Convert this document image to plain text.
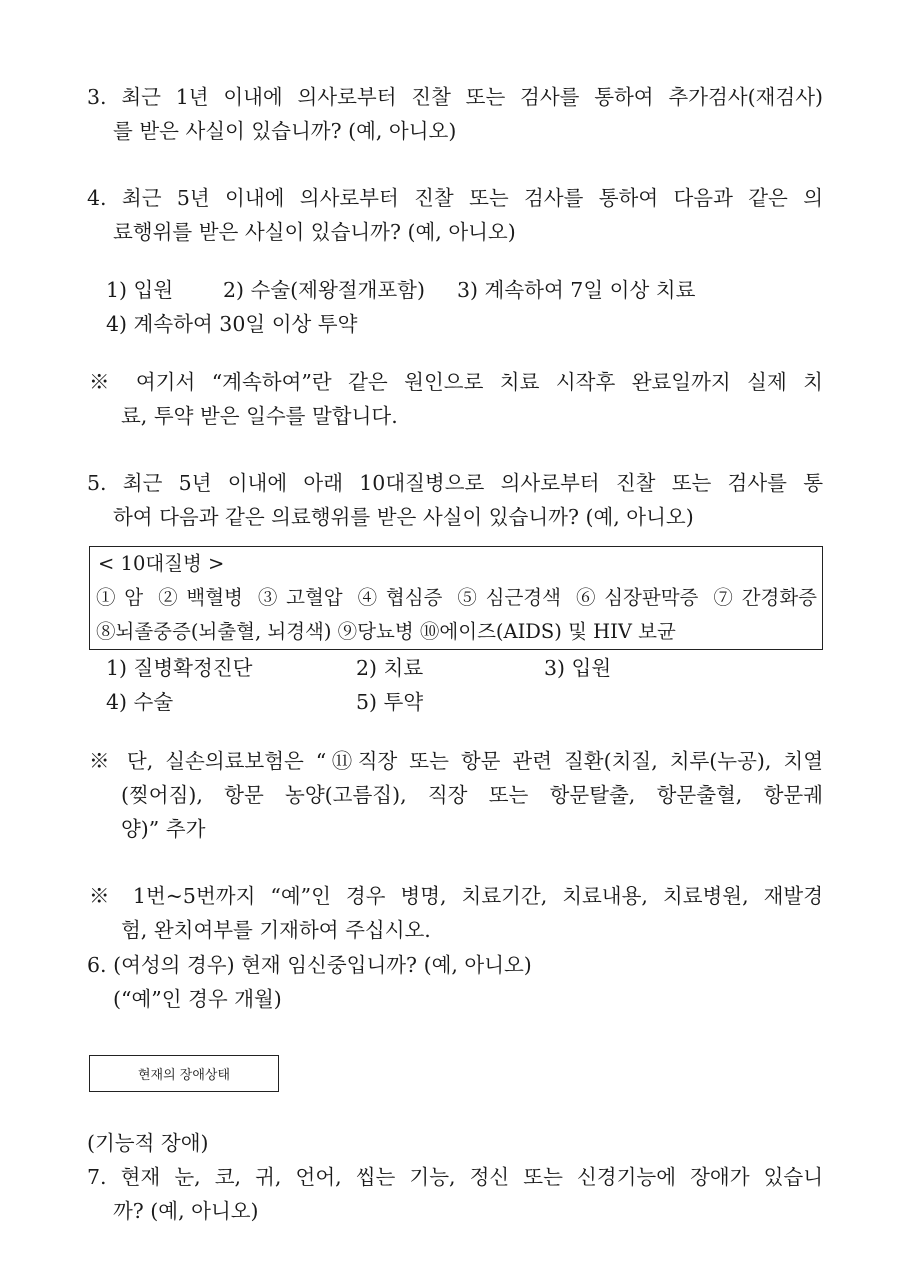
3. 최근 1년 이내에 의사로부터 진찰 또는 검사를 통하여 추가검사(재검사)
를 받은 사실이 있습니까? (예, 아니오)
4. 최근 5년 이내에 의사로부터 진찰 또는 검사를 통하여 다음과 같은 의
료행위를 받은 사실이 있습니까? (예, 아니오)
1) 입원 2) 수술(제왕절개포함) 3) 계속하여 7일 이상 치료
4) 계속하여 30일 이상 투약
※ 여기서 “계속하여”란 같은 원인으로 치료 시작후 완료일까지 실제 치
료, 투약 받은 일수를 말합니다.
5. 최근 5년 이내에 아래 10대질병으로 의사로부터 진찰 또는 검사를 통
하여 다음과 같은 의료행위를 받은 사실이 있습니까? (예, 아니오)
< 10대질병 >
①암 ②백혈병 ③고혈압 ④협심증 ⑤심근경색 ⑥심장판막증 ⑦간경화증
⑧뇌졸중증(뇌출혈, 뇌경색) ⑨당뇨병 ⑩에이즈(AIDS) 및 HIV 보균
1) 질병확정진단	2) 치료	3) 입원
4) 수술	5) 투약
※ 단, 실손의료보험은 “⑪직장 또는 항문 관련 질환(치질, 치루(누공), 치열
(찢어짐), 항문 농양(고름집), 직장 또는 항문탈출, 항문출혈, 항문궤
양)” 추가
※ 1번~5번까지 “예”인 경우 병명, 치료기간, 치료내용, 치료병원, 재발경
험, 완치여부를 기재하여 주십시오.
6. (여성의 경우) 현재 임신중입니까? (예, 아니오)
(“예”인 경우 개월)
현재의 장애상태
(기능적 장애)
7. 현재 눈, 코, 귀, 언어, 씹는 기능, 정신 또는 신경기능에 장애가 있습니
까? (예, 아니오)
